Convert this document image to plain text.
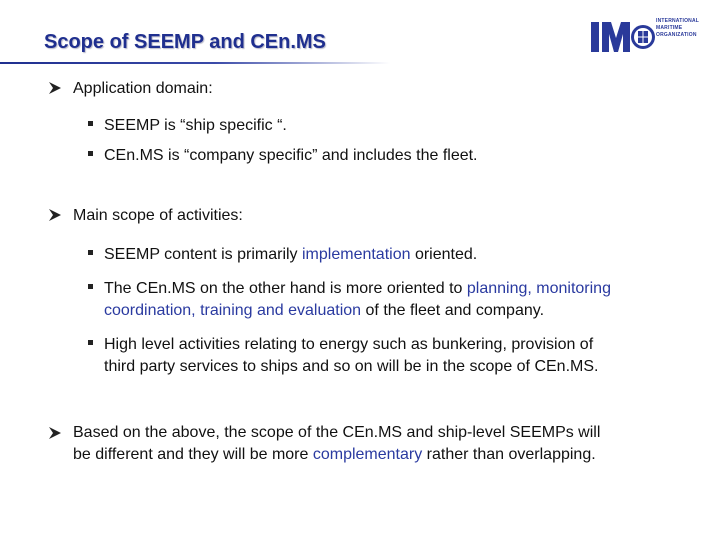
Scope of SEEMP and CEn.MS
INTERNATIONAL
MARITIME
ORGANIZATION
Application domain:
SEEMP is “ship specific “.
CEn.MS is “company specific” and includes the fleet.
Main scope of activities:
SEEMP content is primarily implementation oriented.
The CEn.MS on the other hand is more oriented to planning, monitoring
coordination, training and evaluation of the fleet and company.
High level activities relating to energy such as bunkering, provision of
third party services to ships and so on will be in the scope of CEn.MS.
Based on the above, the scope of the CEn.MS and ship-level SEEMPs will
be different and they will be more complementary rather than overlapping.
